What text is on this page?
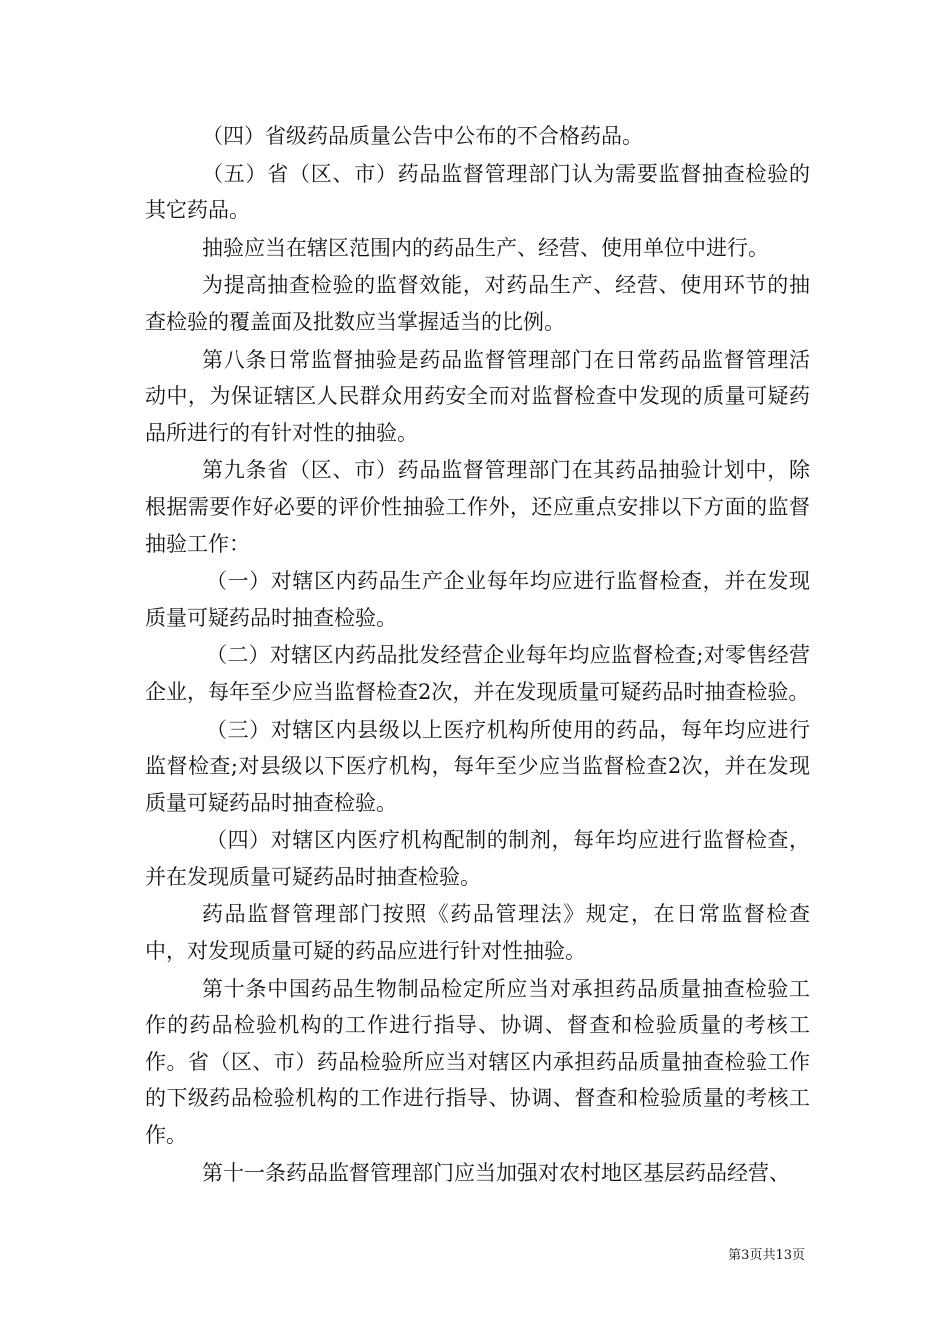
（四）省级药品质量公告中公布的不合格药品。

（五）省（区、市）药品监督管理部门认为需要监督抽查检验的其它药品。

抽验应当在辖区范围内的药品生产、经营、使用单位中进行。

为提高抽查检验的监督效能，对药品生产、经营、使用环节的抽查检验的覆盖面及批数应当掌握适当的比例。

第八条日常监督抽验是药品监督管理部门在日常药品监督管理活动中，为保证辖区人民群众用药安全而对监督检查中发现的质量可疑药品所进行的有针对性的抽验。

第九条省（区、市）药品监督管理部门在其药品抽验计划中，除根据需要作好必要的评价性抽验工作外，还应重点安排以下方面的监督抽验工作：

（一）对辖区内药品生产企业每年均应进行监督检查，并在发现质量可疑药品时抽查检验。

（二）对辖区内药品批发经营企业每年均应监督检查;对零售经营企业，每年至少应当监督检查2次，并在发现质量可疑药品时抽查检验。

（三）对辖区内县级以上医疗机构所使用的药品，每年均应进行监督检查;对县级以下医疗机构，每年至少应当监督检查2次，并在发现质量可疑药品时抽查检验。

（四）对辖区内医疗机构配制的制剂，每年均应进行监督检查，并在发现质量可疑药品时抽查检验。

药品监督管理部门按照《药品管理法》规定，在日常监督检查中，对发现质量可疑的药品应进行针对性抽验。

第十条中国药品生物制品检定所应当对承担药品质量抽查检验工作的药品检验机构的工作进行指导、协调、督查和检验质量的考核工作。省（区、市）药品检验所应当对辖区内承担药品质量抽查检验工作的下级药品检验机构的工作进行指导、协调、督查和检验质量的考核工作。

第十一条药品监督管理部门应当加强对农村地区基层药品经营、

第3页共13页
